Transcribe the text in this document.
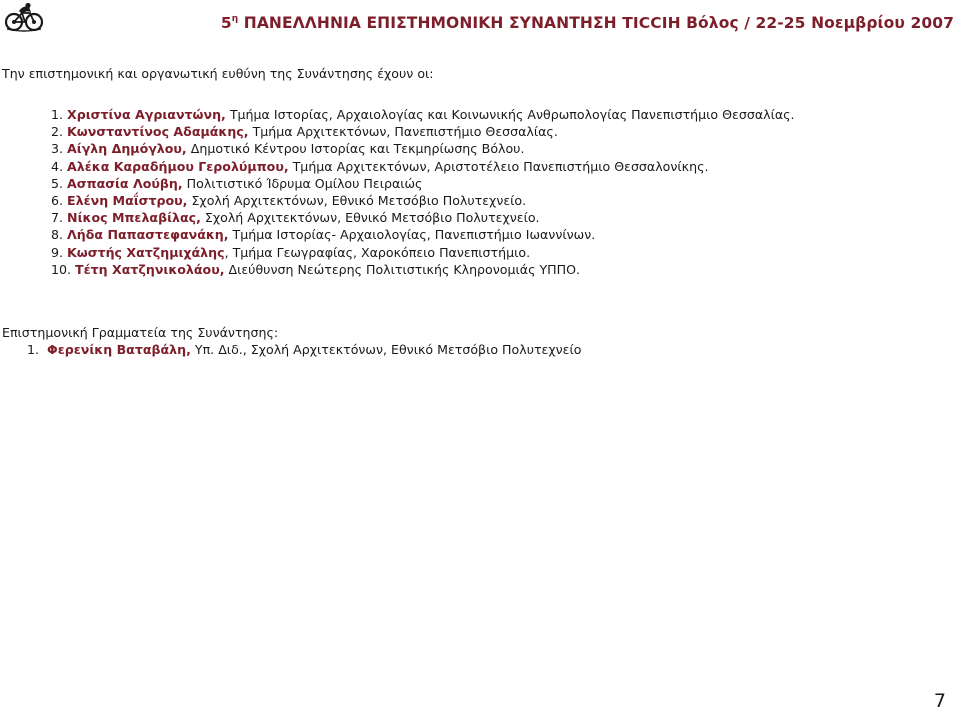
$5^\eta$ ΠΑΝΕΛΛΗΝΙΑ ΕΠΙΣΤΗΜΟΝΙΚΗ ΣΥΝΑΝΤΗΣΗ TICCIH Βόλος / 22-25 Νοεμβρίου 2007
Την επιστημονική και οργανωτική ευθύνη της Συνάντησης έχουν οι:
1. Χριστίνα Αγριαντώνη, Τμήμα Ιστορίας, Αρχαιολογίας και Κοινωνικής Ανθρωπολογίας Πανεπιστήμιο Θεσσαλίας.
2. Κωνσταντίνος Αδαμάκης, Τμήμα Αρχιτεκτόνων, Πανεπιστήμιο Θεσσαλίας.
3. Αίγλη Δημόγλου, Δημοτικό Κέντρου Ιστορίας και Τεκμηρίωσης Βόλου.
4. Αλέκα Καραδήμου Γερολύμπου, Τμήμα Αρχιτεκτόνων, Αριστοτέλειο Πανεπιστήμιο Θεσσαλονίκης.
5. Ασπασία Λούβη, Πολιτιστικό Ίδρυμα Ομίλου Πειραιώς
6. Ελένη Μαΐστρου, Σχολή Αρχιτεκτόνων, Εθνικό Μετσόβιο Πολυτεχνείο.
7. Νίκος Μπελαβίλας, Σχολή Αρχιτεκτόνων, Εθνικό Μετσόβιο Πολυτεχνείο.
8. Λήδα Παπαστεφανάκη, Τμήμα Ιστορίας- Αρχαιολογίας, Πανεπιστήμιο Ιωαννίνων.
9. Κωστής Χατζημιχάλης, Τμήμα Γεωγραφίας, Χαροκόπειο Πανεπιστήμιο.
10. Τέτη Χατζηνικολάου, Διεύθυνση Νεώτερης Πολιτιστικής Κληρονομιάς ΥΠΠΟ.
Επιστημονική Γραμματεία της Συνάντησης:
1. Φερενίκη Βαταβάλη, Υπ. Διδ., Σχολή Αρχιτεκτόνων, Εθνικό Μετσόβιο Πολυτεχνείο
7
